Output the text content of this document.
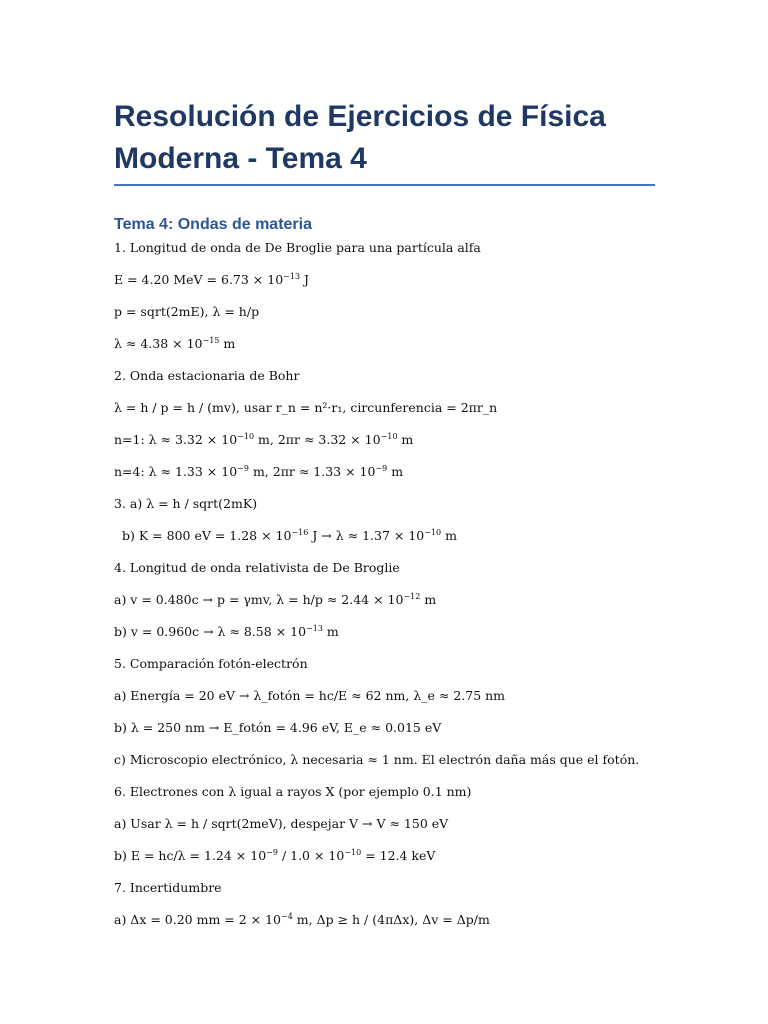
Resolución de Ejercicios de Física
Moderna - Tema 4
Tema 4: Ondas de materia
1. Longitud de onda de De Broglie para una partícula alfa
E = 4.20 MeV = $6.73 \times 10^{-13}$ J
p = sqrt(2mE), λ = h/p
$\lambda \approx 4.38 \times 10^{-15}$ m
2. Onda estacionaria de Bohr
λ = h / p = h / (mv), usar r_n = n²·r₁, circunferencia = 2πr_n
n=1: $\lambda \approx 3.32 \times 10^{-10}$ m, $2\pi r \approx 3.32 \times 10^{-10}$ m
n=4: $\lambda \approx 1.33 \times 10^{-9}$ m, $2\pi r \approx 1.33 \times 10^{-9}$ m
3. a) λ = h / sqrt(2mK)
b) K = 800 eV = $1.28 \times 10^{-16}$ $J \to \lambda \approx 1.37 \times 10^{-10}$ m
4. Longitud de onda relativista de De Broglie
a) v = 0.480c → p = γmv, $\lambda = h/p \approx 2.44 \times 10^{-12}$ m
b) $v = 0.960c \to \lambda \approx 8.58 \times 10^{-13}$ m
5. Comparación fotón-electrón
a) Energía = 20 eV → λ_fotón = hc/E ≈ 62 nm, λ_e ≈ 2.75 nm
b) λ = 250 nm → E_fotón = 4.96 eV, E_e ≈ 0.015 eV
c) Microscopio electrónico, λ necesaria ≈ 1 nm. El electrón daña más que el fotón.
6. Electrones con λ igual a rayos X (por ejemplo 0.1 nm)
a) Usar λ = h / sqrt(2meV), despejar V → V ≈ 150 eV
b) $E = hc/\lambda = 1.24 \times 10^{-9} / 1.0 \times 10^{-10} = 12.4$ keV
7. Incertidumbre
a) Δx = 0.20 mm = $2 \times 10^{-4}$ m, Δp ≥ h / (4πΔx), Δv = Δp/m
